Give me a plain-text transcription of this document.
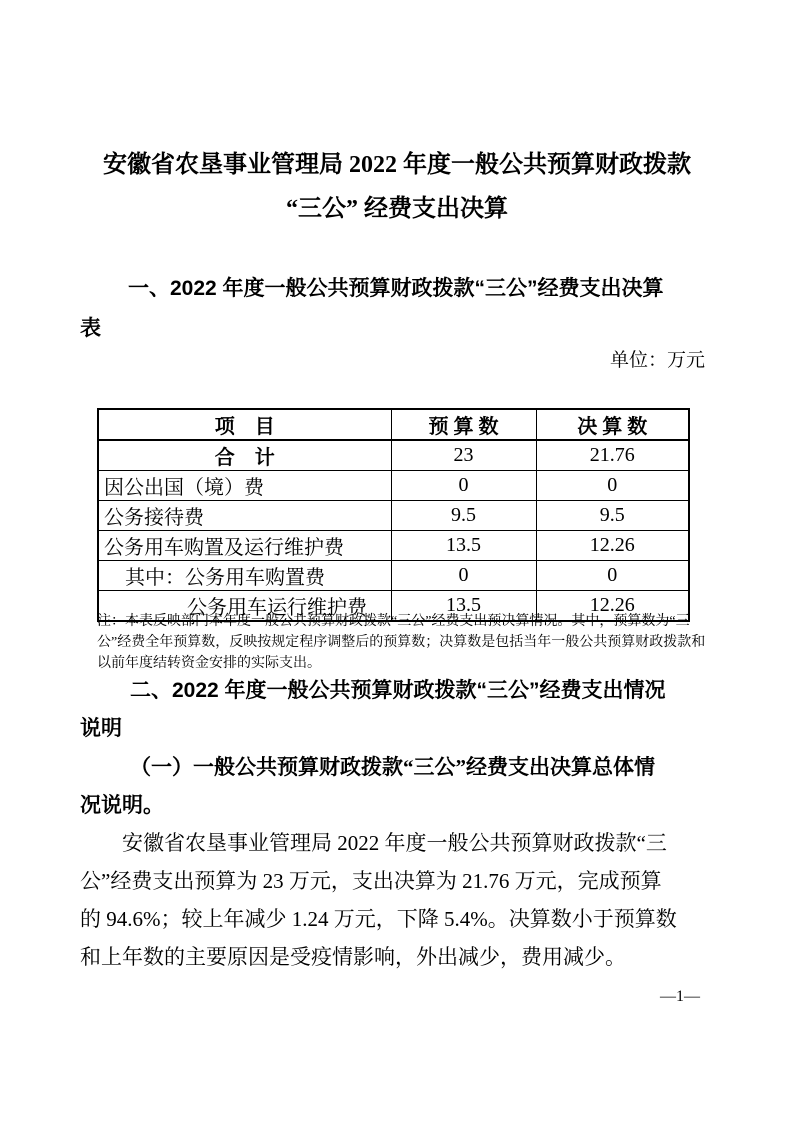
安徽省农垦事业管理局 2022 年度一般公共预算财政拨款
“三公” 经费支出决算
一、2022 年度一般公共预算财政拨款“三公”经费支出决算
表
单位：万元
项　目	预 算 数	决 算 数
合　计	23	21.76
因公出国（境）费	0	0
公务接待费	9.5	9.5
公务用车购置及运行维护费	13.5	12.26
其中：公务用车购置费	0	0
公务用车运行维护费	13.5	12.26
注：本表反映部门本年度一般公共预算财政拨款“三公”经费支出预决算情况。其中，预算数为“三
公”经费全年预算数，反映按规定程序调整后的预算数；决算数是包括当年一般公共预算财政拨款和
以前年度结转资金安排的实际支出。
二、2022 年度一般公共预算财政拨款“三公”经费支出情况
说明
（一）一般公共预算财政拨款“三公”经费支出决算总体情
况说明。
安徽省农垦事业管理局 2022 年度一般公共预算财政拨款“三
公”经费支出预算为 23 万元，支出决算为 21.76 万元，完成预算
的 94.6%；较上年减少 1.24 万元，下降 5.4%。决算数小于预算数
和上年数的主要原因是受疫情影响，外出减少，费用减少。
—1—
